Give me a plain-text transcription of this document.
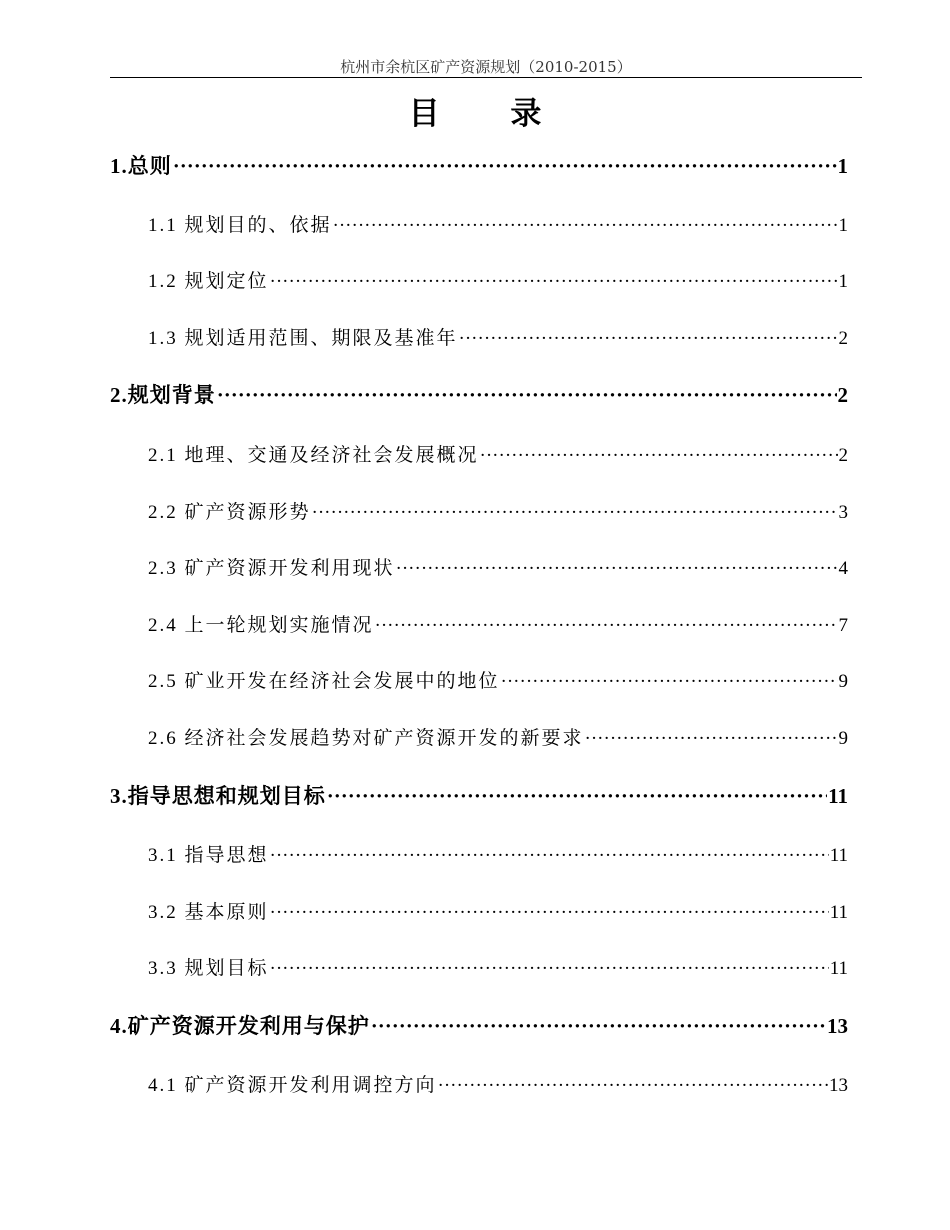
杭州市余杭区矿产资源规划（2010-2015）
目 录
1.总则 ·····	1
1.1 规划目的、依据 ·····	1
1.2 规划定位 ·····	1
1.3 规划适用范围、期限及基准年 ·····	2
2.规划背景 ·····	2
2.1 地理、交通及经济社会发展概况 ·····	2
2.2 矿产资源形势 ·····	3
2.3 矿产资源开发利用现状 ·····	4
2.4 上一轮规划实施情况 ·····	7
2.5 矿业开发在经济社会发展中的地位 ·····	9
2.6 经济社会发展趋势对矿产资源开发的新要求 ·····	9
3.指导思想和规划目标 ·····	11
3.1 指导思想 ·····	11
3.2 基本原则 ·····	11
3.3 规划目标 ·····	11
4.矿产资源开发利用与保护 ·····	13
4.1 矿产资源开发利用调控方向 ·····	13
